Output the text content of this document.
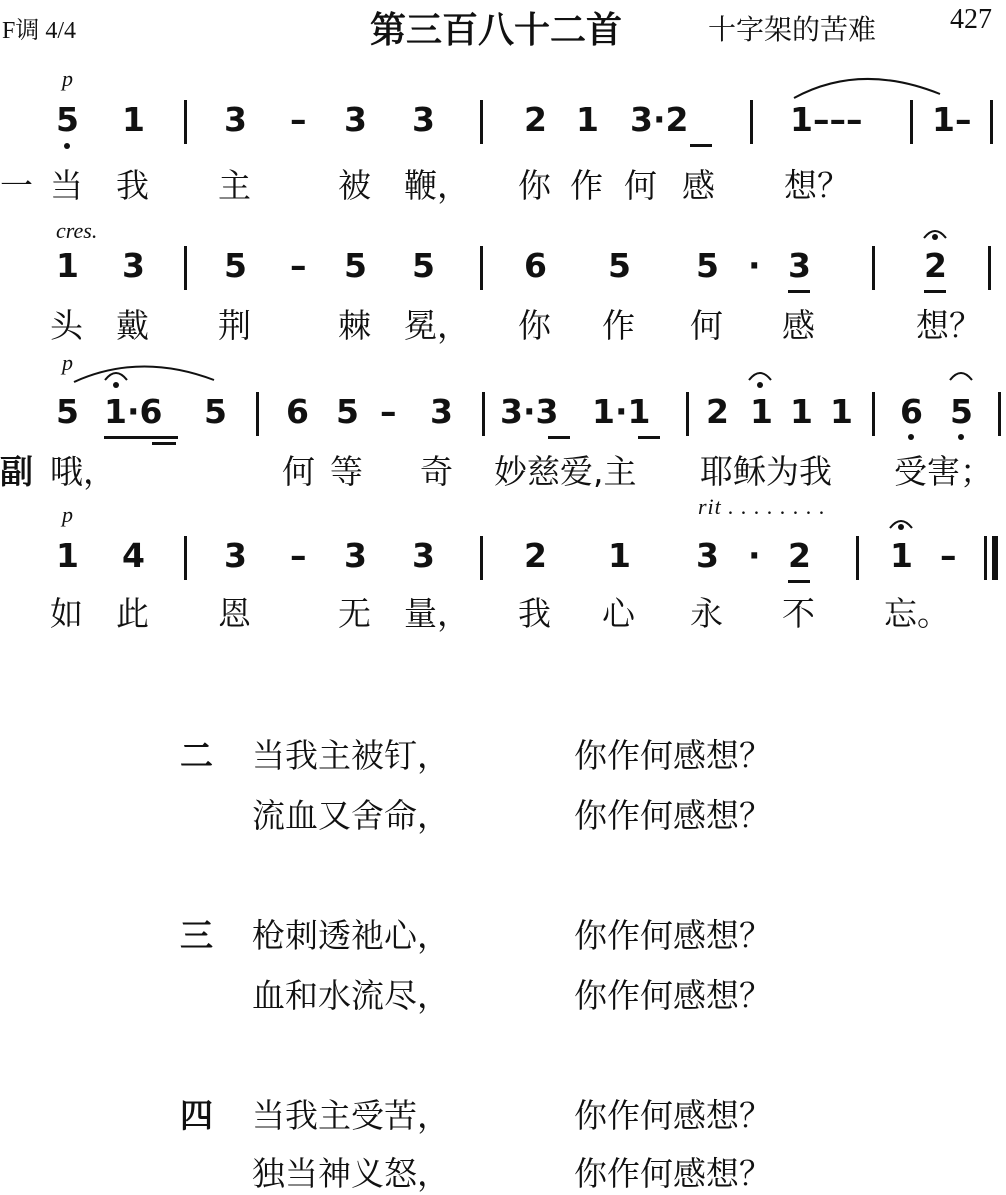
F调 4/4	第三百八十二首	十字架的苦难	427
p
5 1 3 – 3 3	2 1 3·2	1––– 1–
一 当 我 主	被 鞭， 你 作 何 感 想？
cres.
1 3 5 – 5 5	6 5 5 · 3	2
头 戴 荆	棘 冕， 你 作 何 感	想？
p
5 1·6 5 6 5 – 3 3·3 1·1 2 1 1 1 6 5
副 哦，	何 等 奇 妙慈爱,主 耶稣为我 受害；
p	rit . . . . . . . .
1 4 3 – 3 3	2 1 3 · 2 1 –
如 此 恩	无 量， 我 心 永 不 忘。
二 当我主被钉，	你作何感想？
流血又舍命，	你作何感想？
三 枪刺透祂心，	你作何感想？
血和水流尽，	你作何感想？
四 当我主受苦，	你作何感想？
独当神义怒，	你作何感想？
